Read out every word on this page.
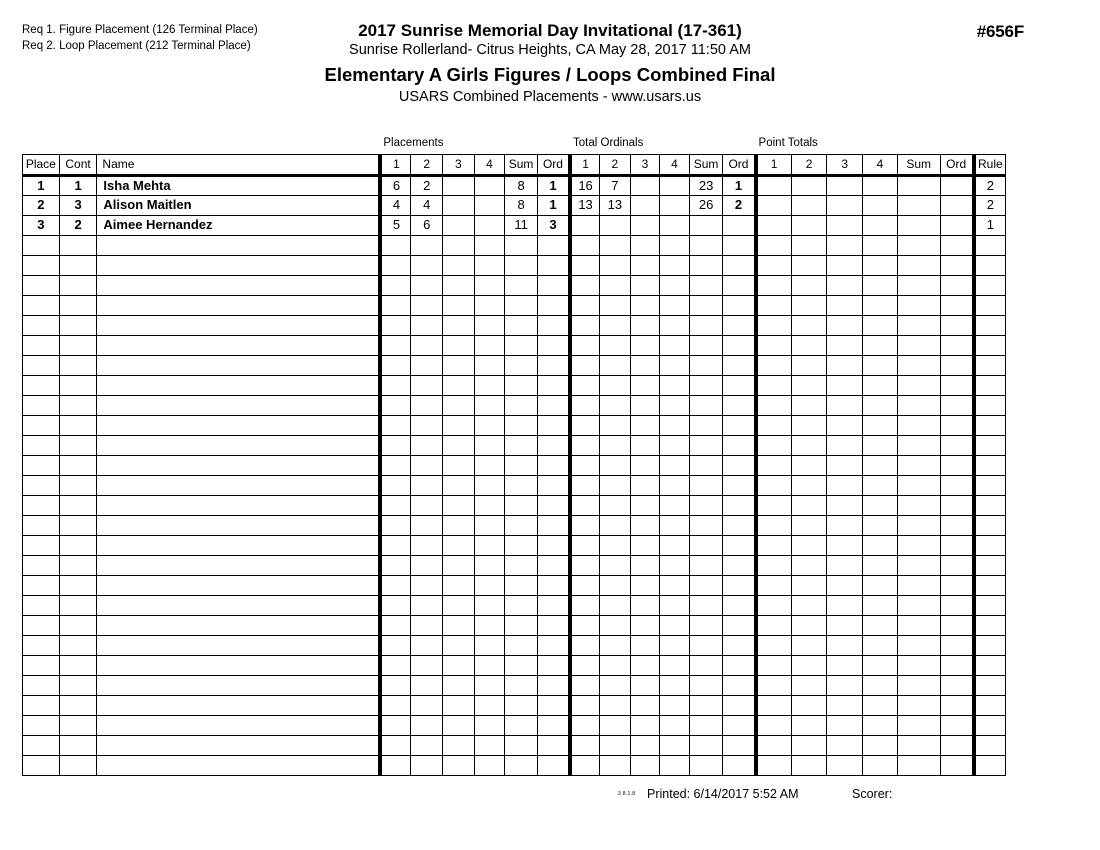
Req 1. Figure Placement (126 Terminal Place)
Req 2. Loop Placement (212 Terminal Place)
2017 Sunrise Memorial Day Invitational (17-361)
Sunrise Rollerland- Citrus Heights, CA May 28, 2017 11:50 AM
Elementary A Girls Figures / Loops Combined Final
USARS Combined Placements - www.usars.us
#656F
			Placements						Total Ordinals						Point Totals						
Place	Cont	Name	1	2	3	4	Sum	Ord	1	2	3	4	Sum	Ord	1	2	3	4	Sum	Ord	Rule
1	1	Isha Mehta	6	2			8	1	16	7			23	1							2
2	3	Alison Maitlen	4	4			8	1	13	13			26	2							2
3	2	Aimee Hernandez	5	6			11	3													1

3.8.1.8 Printed: 6/14/2017 5:52 AM	Scorer:
